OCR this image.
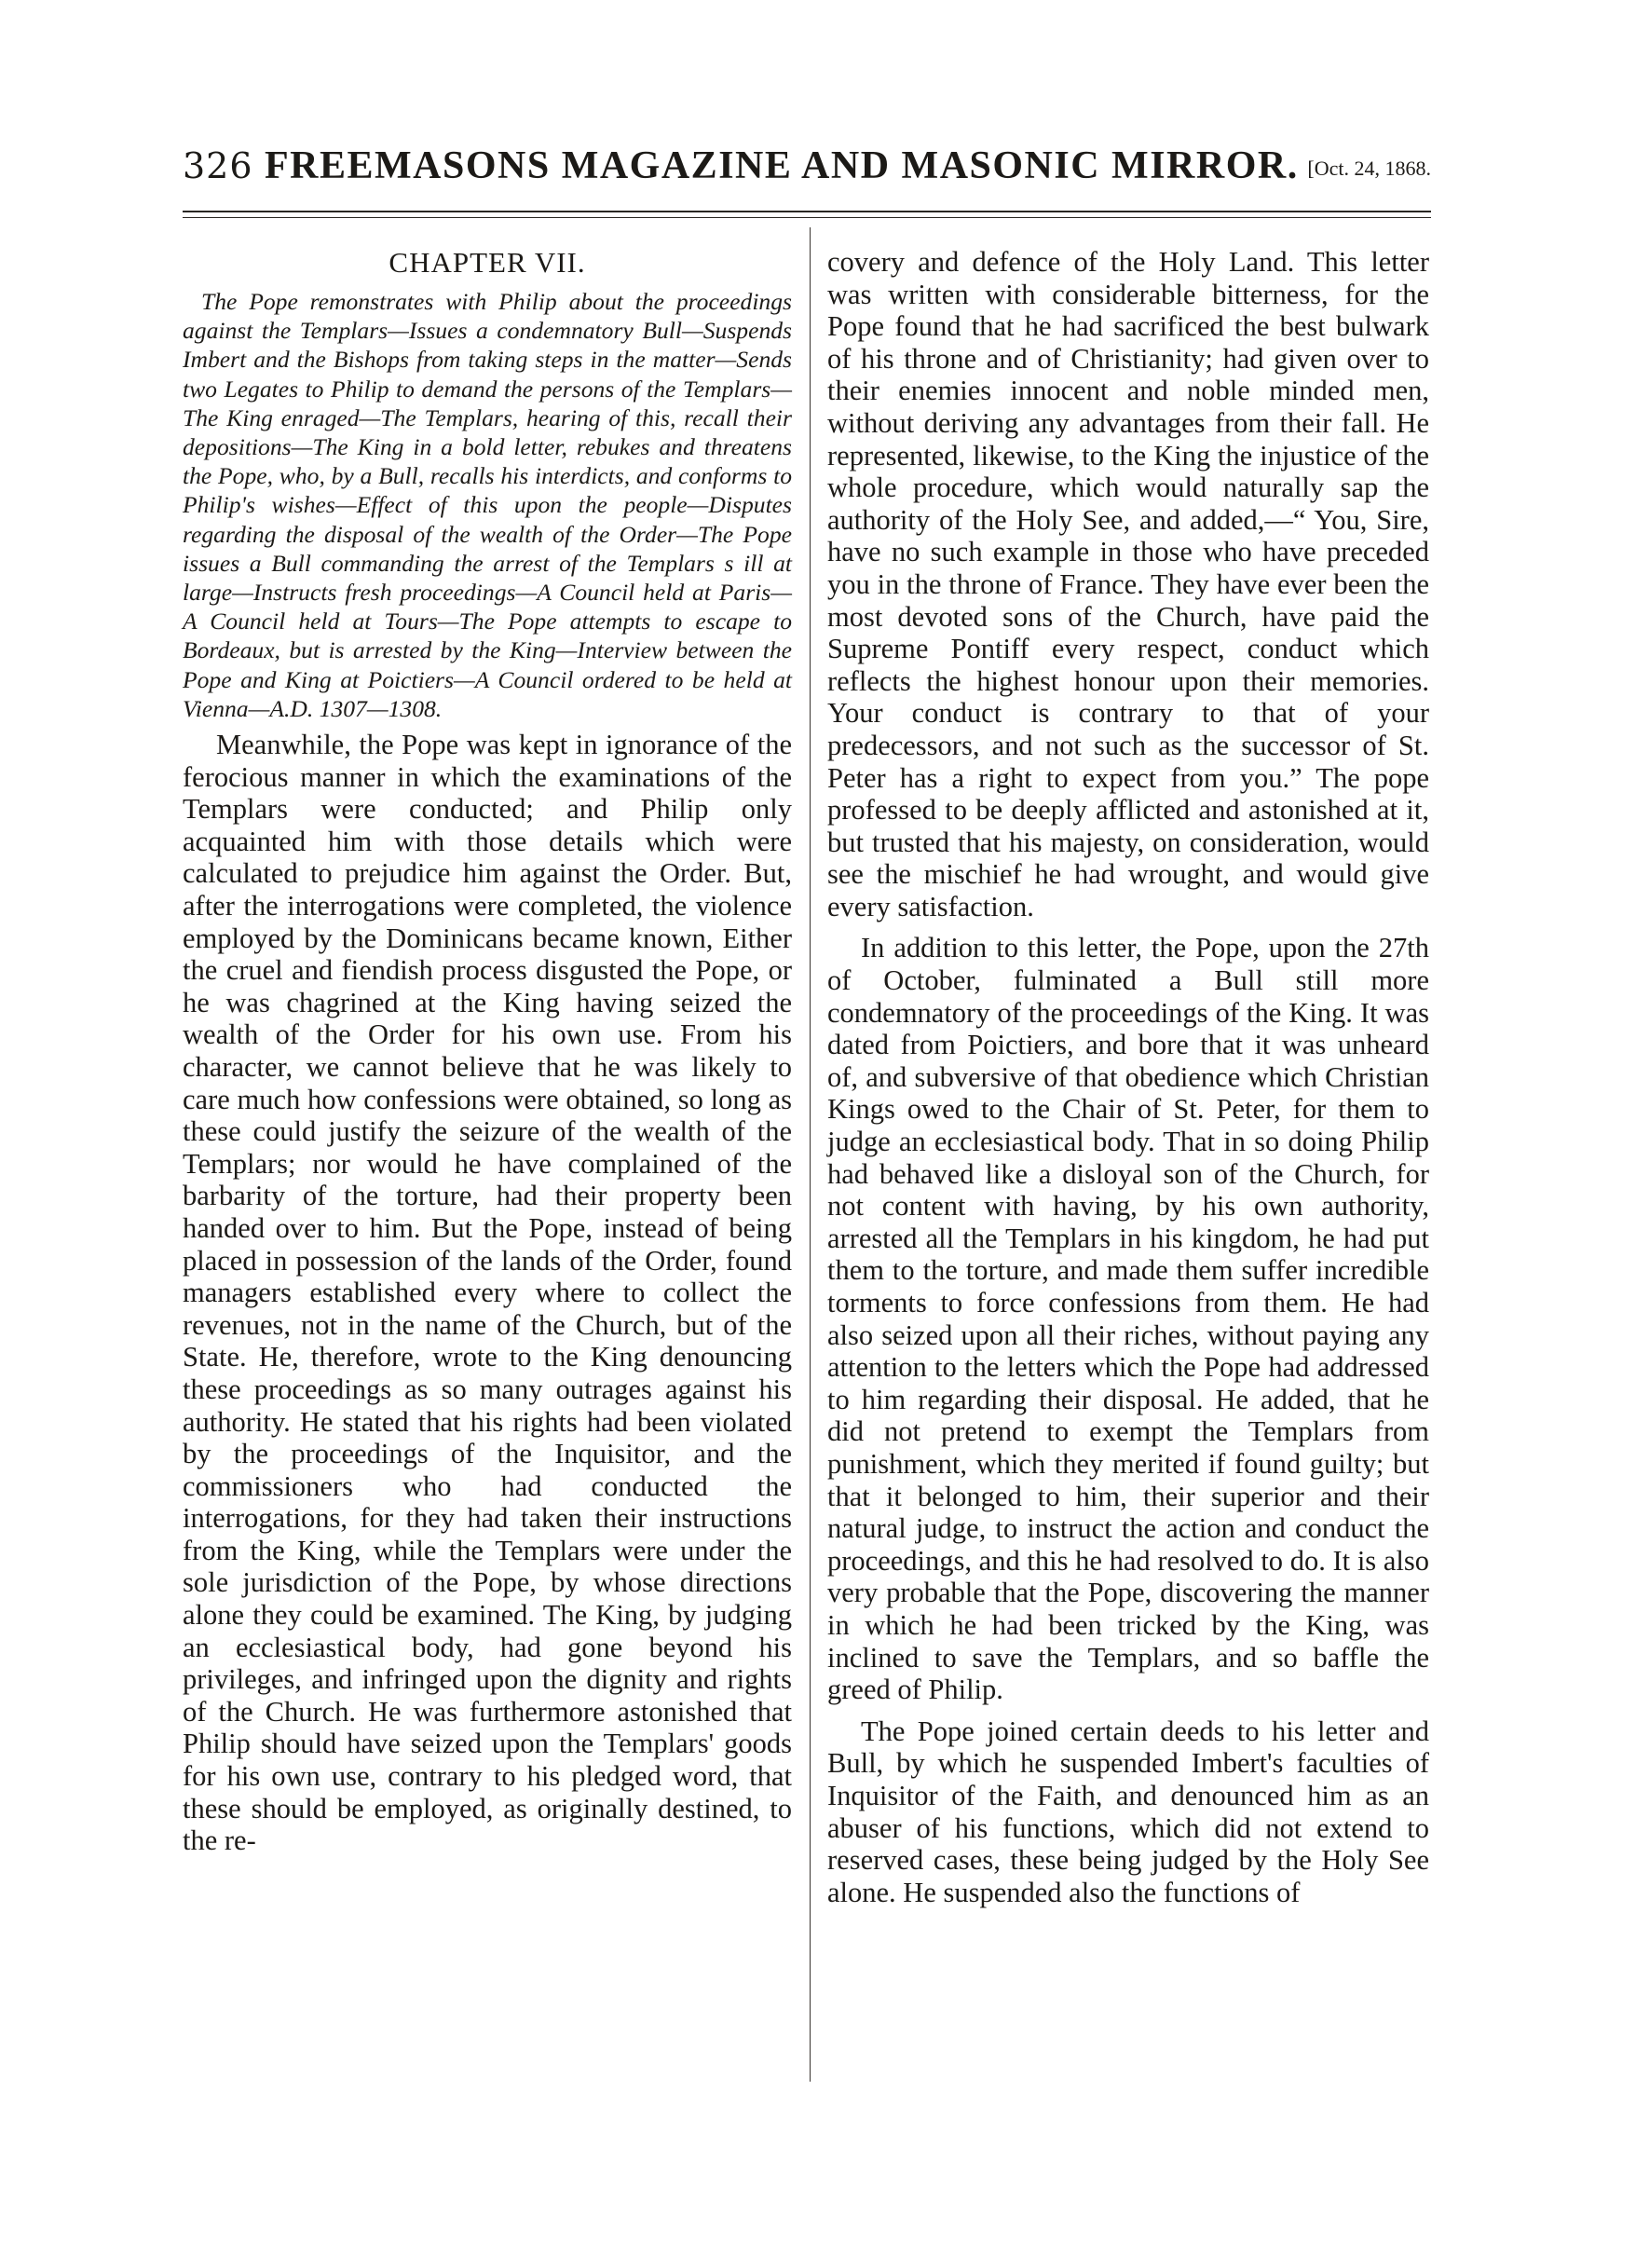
326 FREEMASONS MAGAZINE AND MASONIC MIRROR. [Oct. 24, 1868.
CHAPTER VII.

The Pope remonstrates with Philip about the proceedings against the Templars—Issues a condemnatory Bull—Suspends Imbert and the Bishops from taking steps in the matter—Sends two Legates to Philip to demand the persons of the Templars—The King enraged—The Templars, hearing of this, recall their depositions—The King in a bold letter, rebukes and threatens the Pope, who, by a Bull, recalls his interdicts, and conforms to Philip's wishes—Effect of this upon the people—Disputes regarding the disposal of the wealth of the Order—The Pope issues a Bull commanding the arrest of the Templars s ill at large—Instructs fresh proceedings—A Council held at Paris—A Council held at Tours—The Pope attempts to escape to Bordeaux, but is arrested by the King—Interview between the Pope and King at Poictiers—A Council ordered to be held at Vienna—A.D. 1307—1308.

Meanwhile, the Pope was kept in ignorance of the ferocious manner in which the examinations of the Templars were conducted; and Philip only acquainted him with those details which were calculated to prejudice him against the Order. But, after the interrogations were completed, the violence employed by the Dominicans became known, Either the cruel and fiendish process disgusted the Pope, or he was chagrined at the King having seized the wealth of the Order for his own use. From his character, we cannot believe that he was likely to care much how confessions were obtained, so long as these could justify the seizure of the wealth of the Templars; nor would he have complained of the barbarity of the torture, had their property been handed over to him. But the Pope, instead of being placed in possession of the lands of the Order, found managers established every where to collect the revenues, not in the name of the Church, but of the State. He, therefore, wrote to the King denouncing these proceedings as so many outrages against his authority. He stated that his rights had been violated by the proceedings of the Inquisitor, and the commissioners who had conducted the interrogations, for they had taken their instructions from the King, while the Templars were under the sole jurisdiction of the Pope, by whose directions alone they could be examined. The King, by judging an ecclesiastical body, had gone beyond his privileges, and infringed upon the dignity and rights of the Church. He was furthermore astonished that Philip should have seized upon the Templars' goods for his own use, contrary to his pledged word, that these should be employed, as originally destined, to the re-

covery and defence of the Holy Land. This letter was written with considerable bitterness, for the Pope found that he had sacrificed the best bulwark of his throne and of Christianity; had given over to their enemies innocent and noble minded men, without deriving any advantages from their fall. He represented, likewise, to the King the injustice of the whole procedure, which would naturally sap the authority of the Holy See, and added,—“ You, Sire, have no such example in those who have preceded you in the throne of France. They have ever been the most devoted sons of the Church, have paid the Supreme Pontiff every respect, conduct which reflects the highest honour upon their memories. Your conduct is contrary to that of your predecessors, and not such as the successor of St. Peter has a right to expect from you.” The pope professed to be deeply afflicted and astonished at it, but trusted that his majesty, on consideration, would see the mischief he had wrought, and would give every satisfaction.

In addition to this letter, the Pope, upon the 27th of October, fulminated a Bull still more condemnatory of the proceedings of the King. It was dated from Poictiers, and bore that it was unheard of, and subversive of that obedience which Christian Kings owed to the Chair of St. Peter, for them to judge an ecclesiastical body. That in so doing Philip had behaved like a disloyal son of the Church, for not content with having, by his own authority, arrested all the Templars in his kingdom, he had put them to the torture, and made them suffer incredible torments to force confessions from them. He had also seized upon all their riches, without paying any attention to the letters which the Pope had addressed to him regarding their disposal. He added, that he did not pretend to exempt the Templars from punishment, which they merited if found guilty; but that it belonged to him, their superior and their natural judge, to instruct the action and conduct the proceedings, and this he had resolved to do. It is also very probable that the Pope, discovering the manner in which he had been tricked by the King, was inclined to save the Templars, and so baffle the greed of Philip.

The Pope joined certain deeds to his letter and Bull, by which he suspended Imbert's faculties of Inquisitor of the Faith, and denounced him as an abuser of his functions, which did not extend to reserved cases, these being judged by the Holy See alone. He suspended also the functions of
